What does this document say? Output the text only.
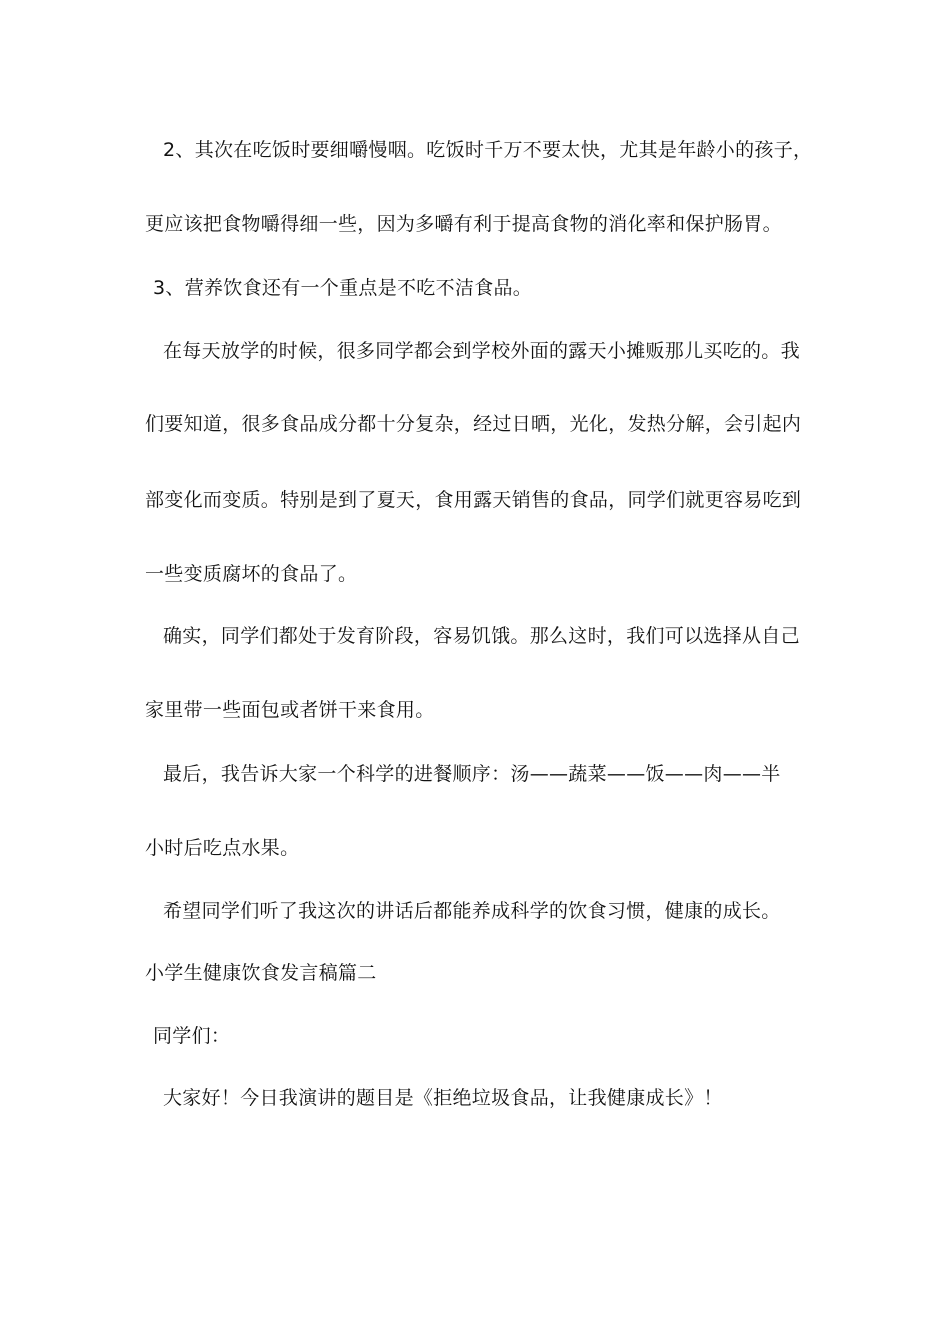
2、其次在吃饭时要细嚼慢咽。吃饭时千万不要太快，尤其是年龄小的孩子，
更应该把食物嚼得细一些，因为多嚼有利于提高食物的消化率和保护肠胃。
3、营养饮食还有一个重点是不吃不洁食品。
在每天放学的时候，很多同学都会到学校外面的露天小摊贩那儿买吃的。我
们要知道，很多食品成分都十分复杂，经过日晒，光化，发热分解，会引起内
部变化而变质。特别是到了夏天，食用露天销售的食品，同学们就更容易吃到
一些变质腐坏的食品了。
确实，同学们都处于发育阶段，容易饥饿。那么这时，我们可以选择从自己
家里带一些面包或者饼干来食用。
最后，我告诉大家一个科学的进餐顺序：汤——蔬菜——饭——肉——半
小时后吃点水果。
希望同学们听了我这次的讲话后都能养成科学的饮食习惯，健康的成长。
小学生健康饮食发言稿篇二
同学们：
大家好！今日我演讲的题目是《拒绝垃圾食品，让我健康成长》！
